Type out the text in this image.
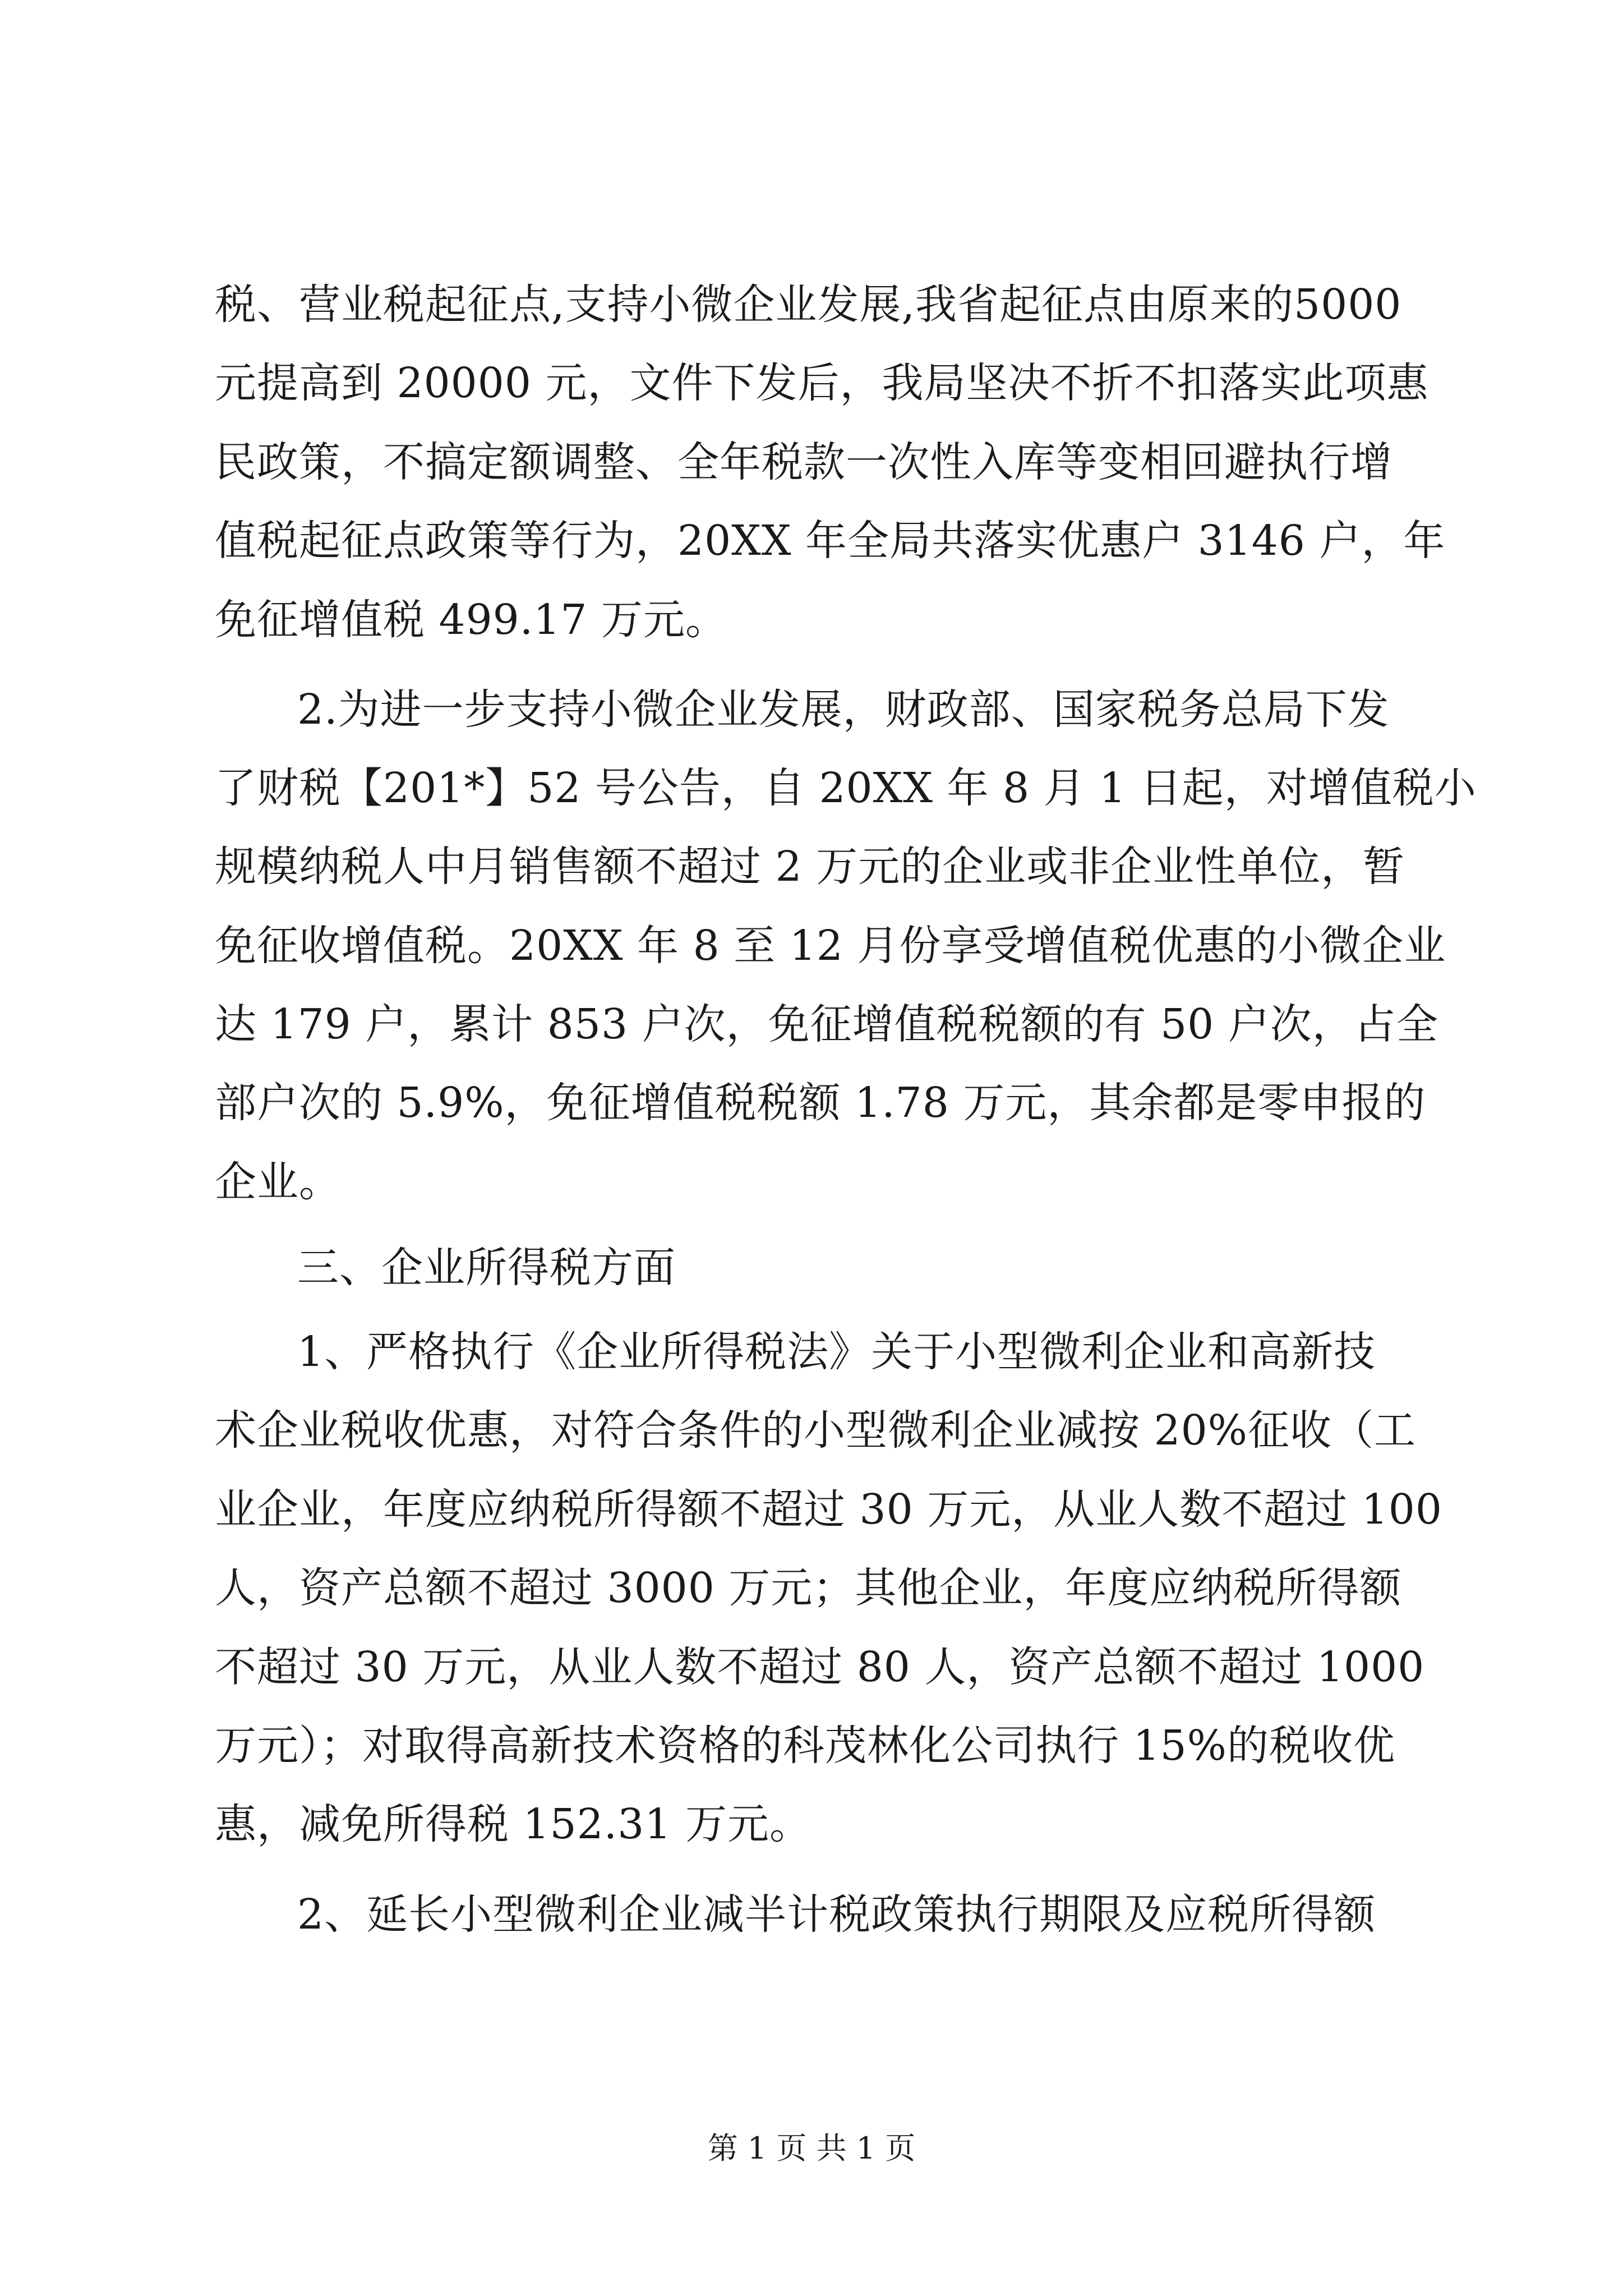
税、营业税起征点,支持小微企业发展,我省起征点由原来的5000
元提高到 20000 元，文件下发后，我局坚决不折不扣落实此项惠
民政策，不搞定额调整、全年税款一次性入库等变相回避执行增
值税起征点政策等行为，20XX 年全局共落实优惠户 3146 户，年
免征增值税 499.17 万元。
2.为进一步支持小微企业发展，财政部、国家税务总局下发
了财税【201*】52 号公告，自 20XX 年 8 月 1 日起，对增值税小
规模纳税人中月销售额不超过 2 万元的企业或非企业性单位，暂
免征收增值税。20XX 年 8 至 12 月份享受增值税优惠的小微企业
达 179 户，累计 853 户次，免征增值税税额的有 50 户次，占全
部户次的 5.9%，免征增值税税额 1.78 万元，其余都是零申报的
企业。
三、企业所得税方面
1、严格执行《企业所得税法》关于小型微利企业和高新技
术企业税收优惠，对符合条件的小型微利企业减按 20%征收（工
业企业，年度应纳税所得额不超过 30 万元，从业人数不超过 100
人，资产总额不超过 3000 万元；其他企业，年度应纳税所得额
不超过 30 万元，从业人数不超过 80 人，资产总额不超过 1000
万元）；对取得高新技术资格的科茂林化公司执行 15%的税收优
惠，减免所得税 152.31 万元。
2、延长小型微利企业减半计税政策执行期限及应税所得额
第 1 页 共 1 页
